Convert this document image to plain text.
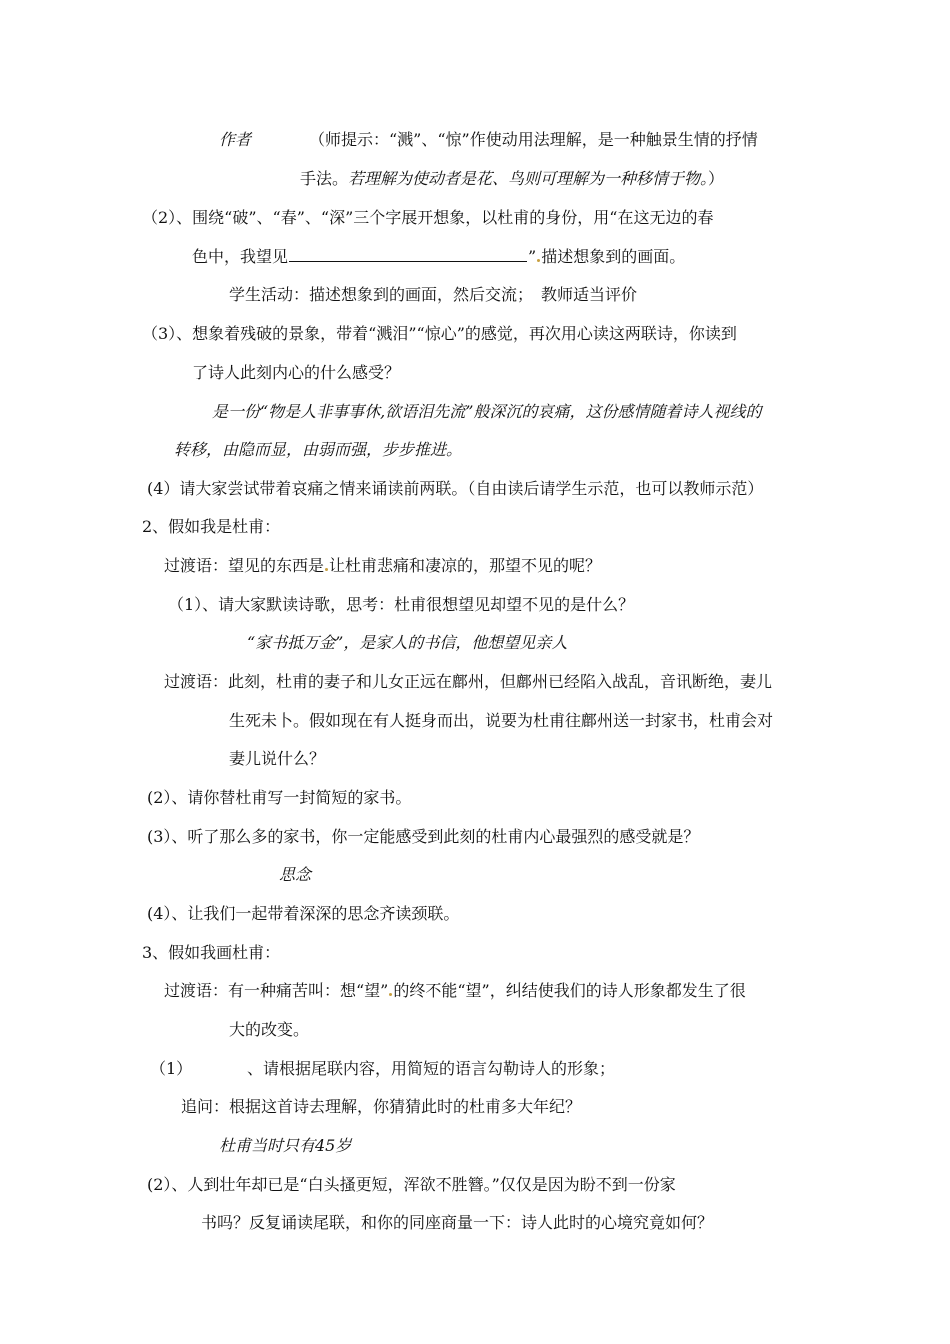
作者	（师提示：“溅”、“惊”作使动用法理解，是一种触景生情的抒情
手法。若理解为使动者是花、鸟则可理解为一种移情于物。）
（2）、围绕“破”、“春”、“深”三个字展开想象，以杜甫的身份，用“在这无边的春
色中，我望见	” 描述想象到的画面。
学生活动：描述想象到的画面，然后交流；　教师适当评价
（3）、想象着残破的景象，带着“溅泪”“惊心”的感觉，再次用心读这两联诗，你读到
了诗人此刻内心的什么感受？
是一份“物是人非事事休,欲语泪先流”般深沉的哀痛，这份感情随着诗人视线的
转移，由隐而显，由弱而强，步步推进。
(4）请大家尝试带着哀痛之情来诵读前两联。（自由读后请学生示范，也可以教师示范）
2、假如我是杜甫：
过渡语：望见的东西是 让杜甫悲痛和凄凉的，那望不见的呢？
（1）、请大家默读诗歌，思考：杜甫很想望见却望不见的是什么？
“家书抵万金”，是家人的书信，他想望见亲人
过渡语：此刻，杜甫的妻子和儿女正远在鄜州，但鄜州已经陷入战乱，音讯断绝，妻儿
生死未卜。假如现在有人挺身而出，说要为杜甫往鄜州送一封家书，杜甫会对
妻儿说什么？
(2）、请你替杜甫写一封简短的家书。
(3）、听了那么多的家书，你一定能感受到此刻的杜甫内心最强烈的感受就是？
思念
(4）、让我们一起带着深深的思念齐读颈联。
3、假如我画杜甫：
过渡语：有一种痛苦叫：想“望” 的终不能“望”，纠结使我们的诗人形象都发生了很
大的改变。
（1）	、请根据尾联内容，用简短的语言勾勒诗人的形象；
追问：根据这首诗去理解，你猜猜此时的杜甫多大年纪？
杜甫当时只有45岁
(2）、人到壮年却已是“白头搔更短，浑欲不胜簪。”仅仅是因为盼不到一份家
书吗？反复诵读尾联，和你的同座商量一下：诗人此时的心境究竟如何？
